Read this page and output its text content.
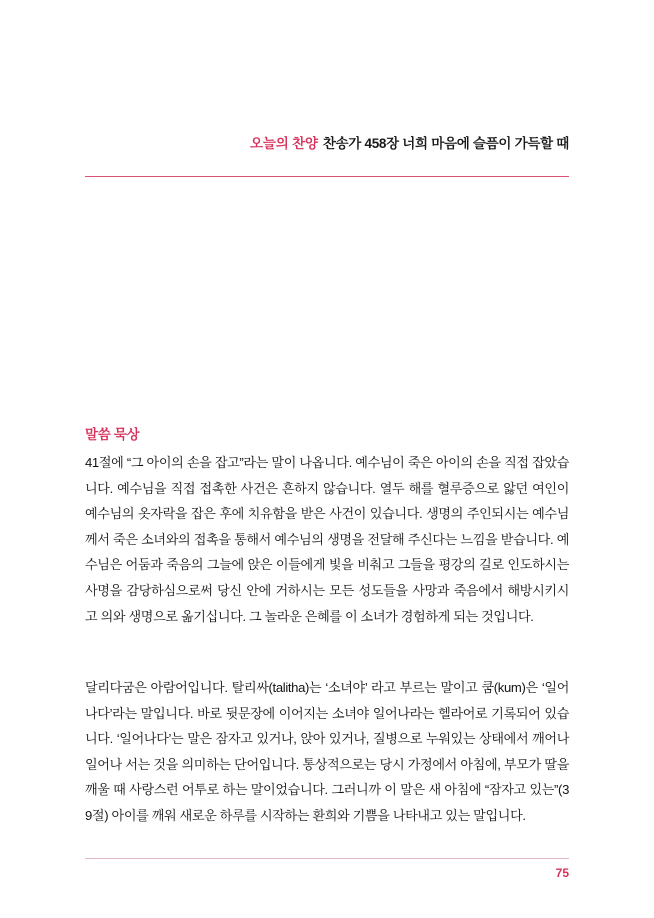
오늘의 찬양 찬송가 458장 너희 마음에 슬픔이 가득할 때
말씀 묵상
41절에 “그 아이의 손을 잡고”라는 말이 나옵니다. 예수님이 죽은 아이의 손을 직접 잡았습니다. 예수님을 직접 접촉한 사건은 흔하지 않습니다. 열두 해를 혈루증으로 앓던 여인이 예수님의 옷자락을 잡은 후에 치유함을 받은 사건이 있습니다. 생명의 주인되시는 예수님께서 죽은 소녀와의 접촉을 통해서 예수님의 생명을 전달해 주신다는 느낌을 받습니다. 예수님은 어둠과 죽음의 그늘에 앉은 이들에게 빛을 비춰고 그들을 평강의 길로 인도하시는 사명을 감당하심으로써 당신 안에 거하시는 모든 성도들을 사망과 죽음에서 해방시키시고 의와 생명으로 옮기십니다. 그 놀라운 은혜를 이 소녀가 경험하게 되는 것입니다.
달리다굼은 아람어입니다. 탈리싸(talitha)는 ‘소녀야’ 라고 부르는 말이고 쿰(kum)은 ‘일어나다’라는 말입니다. 바로 뒷문장에 이어지는 소녀야 일어나라는 헬라어로 기록되어 있습니다. ‘일어나다’는 말은 잠자고 있거나, 앉아 있거나, 질병으로 누워있는 상태에서 깨어나 일어나 서는 것을 의미하는 단어입니다. 통상적으로는 당시 가정에서 아침에, 부모가 딸을 깨울 때 사랑스런 어투로 하는 말이었습니다. 그러니까 이 말은 새 아침에 “잠자고 있는”(39절) 아이를 깨워 새로운 하루를 시작하는 환희와 기쁨을 나타내고 있는 말입니다.
75
